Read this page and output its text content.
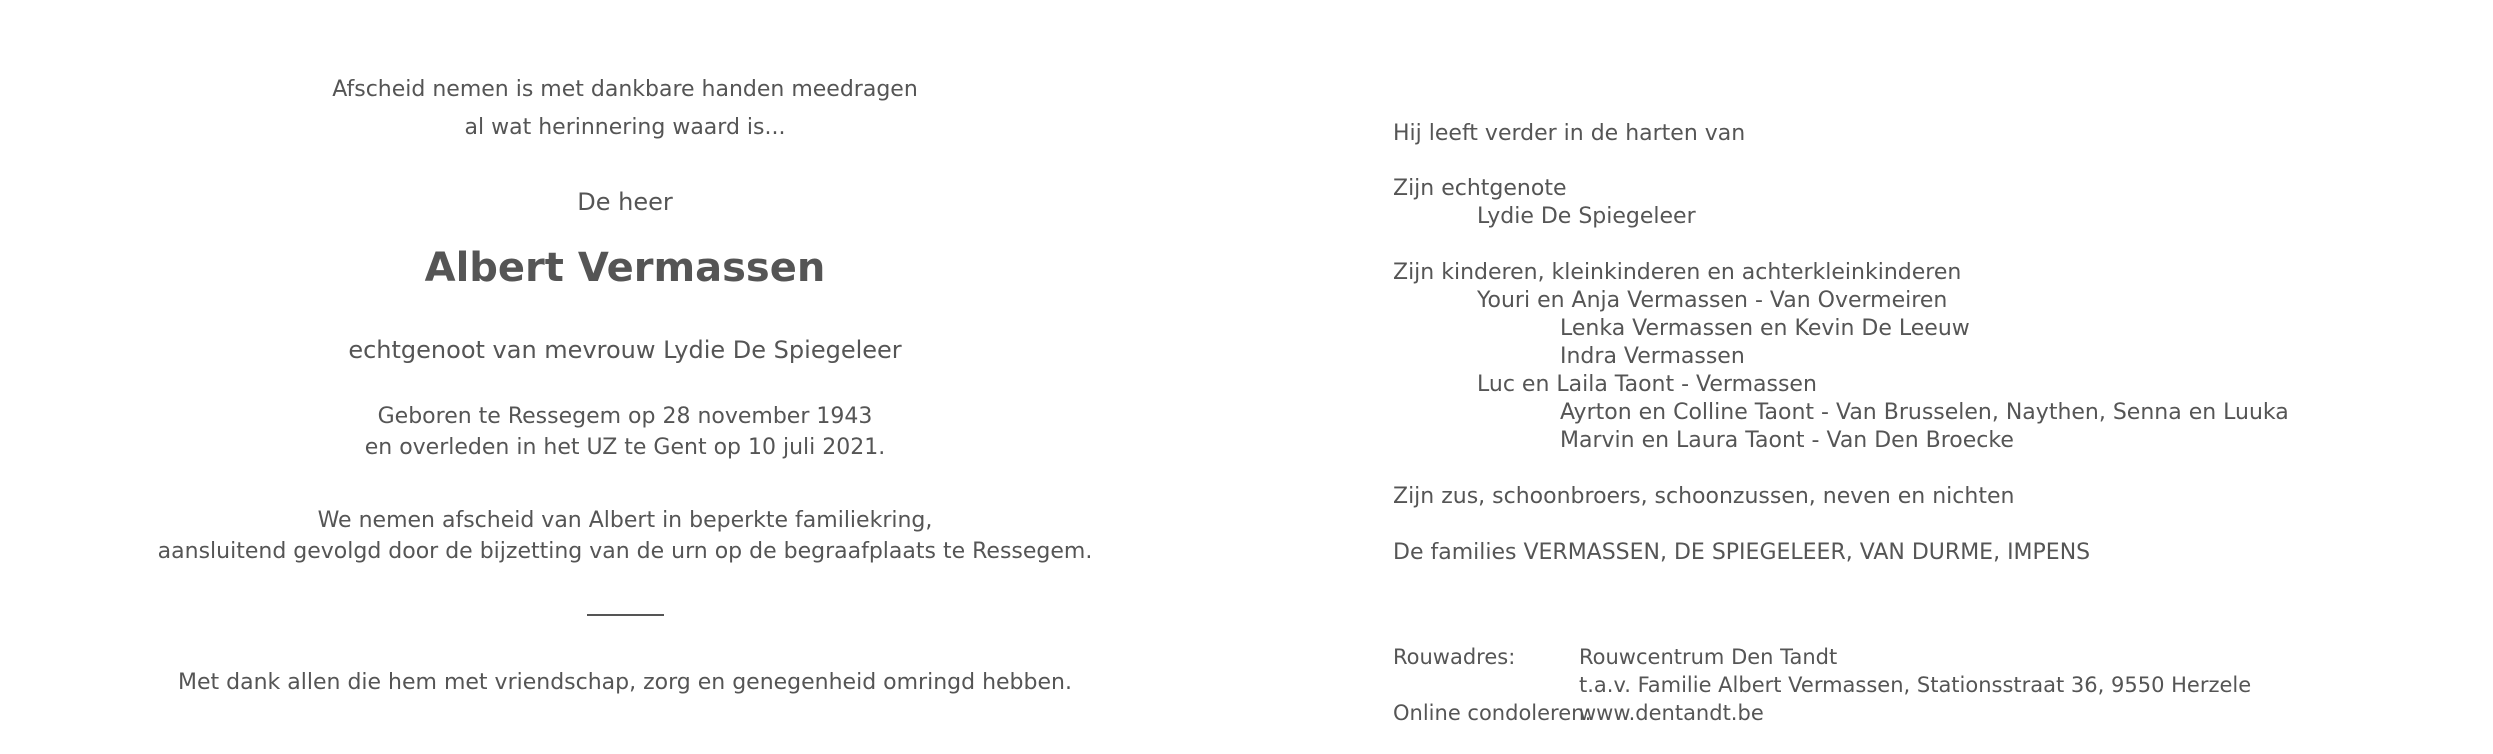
Afscheid nemen is met dankbare handen meedragen
al wat herinnering waard is...
De heer
Albert Vermassen
echtgenoot van mevrouw Lydie De Spiegeleer
Geboren te Ressegem op 28 november 1943
en overleden in het UZ te Gent op 10 juli 2021.
We nemen afscheid van Albert in beperkte familiekring,
aansluitend gevolgd door de bijzetting van de urn op de begraafplaats te Ressegem.
Met dank allen die hem met vriendschap, zorg en genegenheid omringd hebben.
Hij leeft verder in de harten van
Zijn echtgenote
Lydie De Spiegeleer
Zijn kinderen, kleinkinderen en achterkleinkinderen
Youri en Anja Vermassen - Van Overmeiren
Lenka Vermassen en Kevin De Leeuw
Indra Vermassen
Luc en Laila Taont - Vermassen
Ayrton en Colline Taont - Van Brusselen, Naythen, Senna en Luuka
Marvin en Laura Taont - Van Den Broecke
Zijn zus, schoonbroers, schoonzussen, neven en nichten
De families VERMASSEN, DE SPIEGELEER, VAN DURME, IMPENS
Rouwadres:	Rouwcentrum Den Tandt
t.a.v. Familie Albert Vermassen, Stationsstraat 36, 9550 Herzele
Online condoleren:
www.dentandt.be
